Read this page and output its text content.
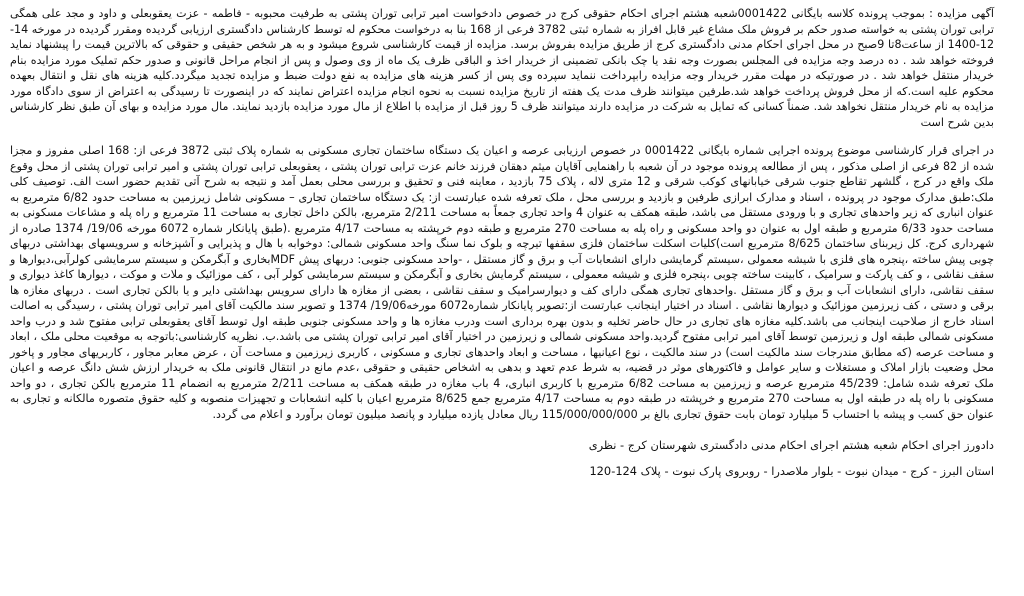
آگهی مزایده : بموجب پرونده کلاسه بایگانی 0001422شعبه هشتم اجرای احکام حقوقی کرج در خصوص دادخواست امیر ترابی توران پشتی به طرفیت محبوبه - فاطمه - عزت یعقوبعلی و داود و مجد علی همگی ترابی توران پشتی به خواسته صدور حکم بر فروش ملک مشاع غیر قابل افراز به شماره ثبتی 3782 فرعی از 168 بنا به درخواست محکوم له توسط کارشناس دادگستری ارزیابی گردیده ومقرر گردیده در مورخه 14-12-1400 از ساعت8تا 9صبح در محل اجرای احکام مدنی دادگستری کرج از طریق مزایده بفروش برسد. مزایده از قیمت کارشناسی شروع میشود و به هر شخص حقیقی و حقوقی که بالاترین قیمت را پیشنهاد نماید فروخته خواهد شد . ده درصد وجه مزایده فی المجلس بصورت وجه نقد یا چک بانکی تضمینی از خریدار اخذ و الباقی ظرف یک ماه از وی وصول و پس از انجام مراحل قانونی و صدور حکم تملیک مورد مزایده بنام خریدار منتقل خواهد شد . در صورتیکه در مهلت مقرر خریدار وجه مزایده رابپرداخت ننماید سپرده وی پس از کسر هزینه های مزایده به نفع دولت ضبط و مزایده تجدید میگردد.کلیه هزینه های نقل و انتقال بعهده محکوم علیه است.که از محل فروش پرداخت خواهد شد.طرفین میتوانند ظرف مدت یک هفته از تاریخ مزایده نسبت به نحوه انجام مزایده اعتراض نمایند که در اینصورت تا رسیدگی به اعتراض از سوی دادگاه مورد مزایده به نام خریدار منتقل نخواهد شد. ضمناً کسانی که تمایل به شرکت در مزایده دارند میتوانند ظرف 5 روز قبل از مزایده با اطلاع از مال مورد مزایده بازدید نمایند. مال مورد مزایده و بهای آن طبق نظر کارشناس بدین شرح است

در اجرای قرار کارشناسی موضوع پرونده اجرایی شماره بایگانی 0001422 در خصوص ارزیابی عرصه و اعیان یک دستگاه ساختمان تجاری مسکونی به شماره پلاک ثبتی 3872 فرعی از: 168 اصلی مفروز و مجزا شده از 82 فرعی از اصلی مذکور ، پس از مطالعه پرونده موجود در آن شعبه با راهنمایی آقایان میثم دهقان فرزند خانم عزت ترابی توران پشتی ، یعقوبعلی ترابی توران پشتی و امیر ترابی توران پشتی از محل وقوع ملک واقع در کرج ، گلشهر تقاطع جنوب شرقی خیابانهای کوکب شرقی و 12 متری لاله ، پلاک 75 بازدید ، معاینه فنی و تحقیق و بررسی محلی بعمل آمد و نتیجه به شرح آتی تقدیم حضور است الف. توصیف کلی ملک:طبق مدارک موجود در پرونده ، اسناد و مدارک ابرازی طرفین و بازدید و بررسی محل ، ملک تعرفه شده عبارتست از: یک دستگاه ساختمان تجاری – مسکونی شامل زیرزمین به مساحت حدود 6/82 مترمربع به عنوان انباری که زیر واحدهای تجاری و با ورودی مستقل می باشد، طبقه همکف به عنوان 4 واحد تجاری جمعاً به مساحت 2/211 مترمربع، بالکن داخل تجاری به مساحت 11 مترمربع و راه پله و مشاعات مسکونی به مساحت حدود 6/33 مترمربع و طبقه اول به عنوان دو واحد مسکونی و راه پله به مساحت 270 مترمربع و طبقه دوم خرپشته به مساحت 4/17 مترمربع .(طبق پایانکار شماره 6072 مورخه 19/06/ 1374 صادره از شهرداری کرج. کل زیربنای ساختمان 8/625 مترمربع است)کلیات اسکلت ساختمان فلزی سقفها تیرچه و بلوک نما سنگ واحد مسکونی شمالی: دوخوابه با هال و پذیرایی و آشپزخانه و سرویسهای بهداشتی دربهای چوبی پیش ساخته ،پنجره های فلزی با شیشه معمولی ،سیستم گرمایشی دارای انشعابات آب و برق و گاز مستقل ، -واحد مسکونی جنوبی: دربهای پیش MDFبخاری و آبگرمکن و سیستم سرمایشی کولرآبی،دیوارها و سقف نقاشی ، و کف پارکت و سرامیک ، کابینت ساخته چوبی ،پنجره فلزی و شیشه معمولی ، سیستم گرمایش بخاری و آبگرمکن و سیستم سرمایشی کولر آبی ، کف موزائیک و ملات و موکت ، دیوارها کاغذ دیواری و سقف نقاشی، دارای انشعابات آب و برق و گاز مستقل .واحدهای تجاری همگی دارای کف و دیوارسرامیک و سقف نقاشی ، بعضی از مغازه ها دارای سرویس بهداشتی دایر و یا بالکن تجاری است . دربهای مغازه ها برقی و دستی ، کف زیرزمین موزائیک و دیوارها نقاشی . اسناد در اختیار اینجانب عبارتست از:تصویر پایانکار شماره6072 مورخه19/06/ 1374 و تصویر سند مالکیت آقای امیر ترابی توران پشتی ، رسیدگی به اصالت اسناد خارج از صلاحیت اینجانب می باشد.کلیه مغازه های تجاری در حال حاضر تخلیه و بدون بهره برداری است ودرب مغازه ها و واحد مسکونی جنوبی طبقه اول توسط آقای یعقوبعلی ترابی مفتوح شد و درب واحد مسکونی شمالی طبقه اول و زیرزمین توسط آقای امیر ترابی مفتوح گردید.واحد مسکونی شمالی و زیرزمین در اختیار آقای امیر ترابی توران پشتی می باشد.ب. نظریه کارشناسی:باتوجه به موقعیت محلی ملک ، ابعاد و مساحت عرصه (که مطابق مندرجات سند مالکیت است) در سند مالکیت ، نوع اعیانیها ، مساحت و ابعاد واحدهای تجاری و مسکونی ، کاربری زیرزمین و مساحت آن ، عرض معابر مجاور ، کاربریهای مجاور و پاخور محل وضعیت بازار املاک و مستغلات و سایر عوامل و فاکتورهای موثر در قضیه، به شرط عدم تعهد و بدهی به اشخاص حقیقی و حقوقی ،عدم مانع در انتقال قانونی ملک به خریدار ارزش شش دانگ عرصه و اعیان ملک تعرفه شده شامل: 45/239 مترمربع عرصه و زیرزمین به مساحت 6/82 مترمربع با کاربری انباری، 4 باب مغازه در طبقه همکف به مساحت 2/211 مترمربع به انضمام 11 مترمربع بالکن تجاری ، دو واحد مسکونی با راه پله در طبقه اول به مساحت 270 مترمربع و خرپشته در طبقه دوم به مساحت 4/17 مترمربع جمع 8/625 مترمربع اعیان با کلیه انشعابات و تجهیزات منصوبه و کلیه حقوق متصوره مالکانه و تجاری به عنوان حق کسب و پیشه با احتساب 5 میلیارد تومان بابت حقوق تجاری بالغ بر 115/000/000/000 ریال معادل یازده میلیارد و پانصد میلیون تومان برآورد و اعلام می گردد.

دادورز اجرای احکام شعبه هشتم اجرای احکام مدنی دادگستری شهرستان کرج - نظری

استان البرز - کرج - میدان نبوت - بلوار ملاصدرا - روبروی پارک نبوت - پلاک 124-120
